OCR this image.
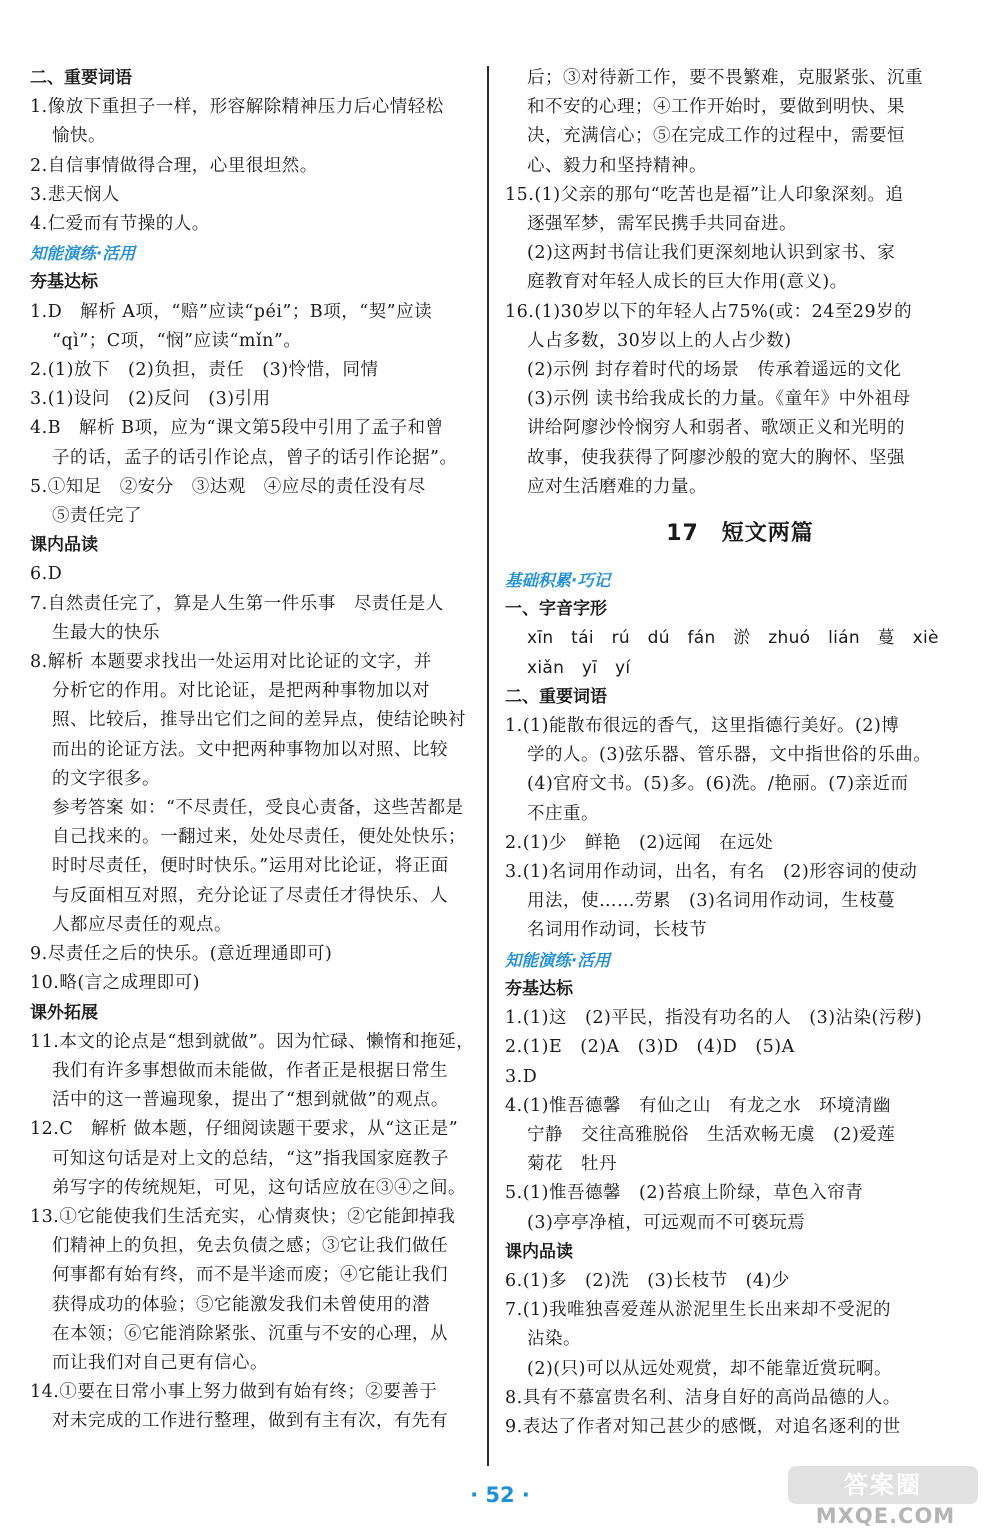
二、重要词语
1.像放下重担子一样，形容解除精神压力后心情轻松
愉快。
2.自信事情做得合理，心里很坦然。
3.悲天悯人
4.仁爱而有节操的人。
知能演练·活用
夯基达标
1.D　解析 A项，“赔”应读“péi”；B项，“契”应读
“qì”；C项，“悯”应读“mǐn”。
2.(1)放下　(2)负担，责任　(3)怜惜，同情
3.(1)设问　(2)反问　(3)引用
4.B　解析 B项，应为“课文第5段中引用了孟子和曾
子的话，孟子的话引作论点，曾子的话引作论据”。
5.①知足　②安分　③达观　④应尽的责任没有尽
⑤责任完了
课内品读
6.D
7.自然责任完了，算是人生第一件乐事　尽责任是人
生最大的快乐
8.解析 本题要求找出一处运用对比论证的文字，并
分析它的作用。对比论证，是把两种事物加以对
照、比较后，推导出它们之间的差异点，使结论映衬
而出的论证方法。文中把两种事物加以对照、比较
的文字很多。
参考答案 如：“不尽责任，受良心责备，这些苦都是
自己找来的。一翻过来，处处尽责任，便处处快乐；
时时尽责任，便时时快乐。”运用对比论证，将正面
与反面相互对照，充分论证了尽责任才得快乐、人
人都应尽责任的观点。
9.尽责任之后的快乐。(意近理通即可)
10.略(言之成理即可)
课外拓展
11.本文的论点是“想到就做”。因为忙碌、懒惰和拖延，
我们有许多事想做而未能做，作者正是根据日常生
活中的这一普遍现象，提出了“想到就做”的观点。
12.C　解析 做本题，仔细阅读题干要求，从“这正是”
可知这句话是对上文的总结，“这”指我国家庭教子
弟写字的传统规矩，可见，这句话应放在③④之间。
13.①它能使我们生活充实，心情爽快；②它能卸掉我
们精神上的负担，免去负债之感；③它让我们做任
何事都有始有终，而不是半途而废；④它能让我们
获得成功的体验；⑤它能激发我们未曾使用的潜
在本领；⑥它能消除紧张、沉重与不安的心理，从
而让我们对自己更有信心。
14.①要在日常小事上努力做到有始有终；②要善于
对未完成的工作进行整理，做到有主有次，有先有
后；③对待新工作，要不畏繁难，克服紧张、沉重
和不安的心理；④工作开始时，要做到明快、果
决，充满信心；⑤在完成工作的过程中，需要恒
心、毅力和坚持精神。
15.(1)父亲的那句“吃苦也是福”让人印象深刻。追
逐强军梦，需军民携手共同奋进。
(2)这两封书信让我们更深刻地认识到家书、家
庭教育对年轻人成长的巨大作用(意义)。
16.(1)30岁以下的年轻人占75%(或：24至29岁的
人占多数，30岁以上的人占少数)
(2)示例 封存着时代的场景　传承着遥远的文化
(3)示例 读书给我成长的力量。《童年》中外祖母
讲给阿廖沙怜悯穷人和弱者、歌颂正义和光明的
故事，使我获得了阿廖沙般的宽大的胸怀、坚强
应对生活磨难的力量。
17　短文两篇
基础积累·巧记
一、字音字形
xīn tái rú dú fán 淤 zhuó lián 蔓 xiè
xiǎn yī yí
二、重要词语
1.(1)能散布很远的香气，这里指德行美好。(2)博
学的人。(3)弦乐器、管乐器，文中指世俗的乐曲。
(4)官府文书。(5)多。(6)洗。/艳丽。(7)亲近而
不庄重。
2.(1)少　鲜艳　(2)远闻　在远处
3.(1)名词用作动词，出名，有名　(2)形容词的使动
用法，使……劳累　(3)名词用作动词，生枝蔓
名词用作动词，长枝节
知能演练·活用
夯基达标
1.(1)这　(2)平民，指没有功名的人　(3)沾染(污秽)
2.(1)E　(2)A　(3)D　(4)D　(5)A
3.D
4.(1)惟吾德馨　有仙之山　有龙之水　环境清幽
宁静　交往高雅脱俗　生活欢畅无虞　(2)爱莲
菊花　牡丹
5.(1)惟吾德馨　(2)苔痕上阶绿，草色入帘青
(3)亭亭净植，可远观而不可亵玩焉
课内品读
6.(1)多　(2)洗　(3)长枝节　(4)少
7.(1)我唯独喜爱莲从淤泥里生长出来却不受泥的
沾染。
(2)(只)可以从远处观赏，却不能靠近赏玩啊。
8.具有不慕富贵名利、洁身自好的高尚品德的人。
9.表达了作者对知己甚少的感慨，对追名逐利的世
· 52 ·	答案圈
MXQE.COM
